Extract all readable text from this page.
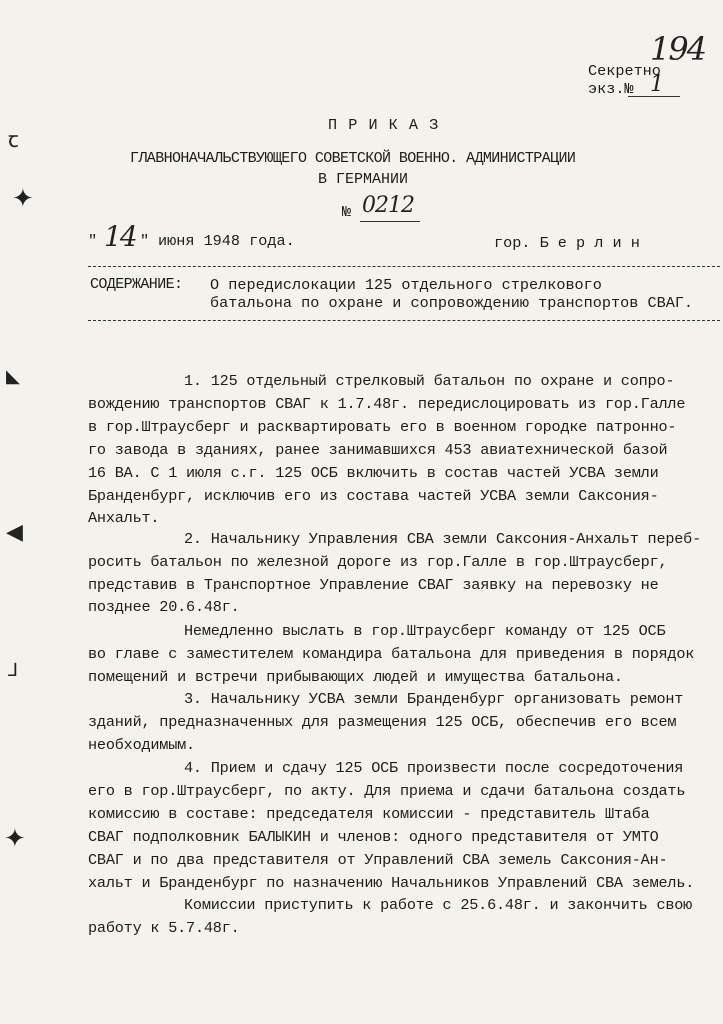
ꞇ
✦
◣
◀
⅃
✦
194
Секретно
экз.№ 1
П Р И К А З
ГЛАВНОНАЧАЛЬСТВУЮЩЕГО СОВЕТСКОЙ ВОЕННО. АДМИНИСТРАЦИИ
В ГЕРМАНИИ
№ 0212
" 14 " июня 1948 года.	гор. Б е р л и н
СОДЕРЖАНИЕ: О передислокации 125 отдельного стрелкового
батальона по охране и сопровождению транспортов СВАГ.
1. 125 отдельный стрелковый батальон по охране и сопро-
вождению транспортов СВАГ к 1.7.48г. передислоцировать из гор.Галле
в гор.Штраусберг и расквартировать его в военном городке патронно-
го завода в зданиях, ранее занимавшихся 453 авиатехнической базой
16 ВА. С 1 июля с.г. 125 ОСБ включить в состав частей УСВА земли
Бранденбург, исключив его из состава частей УСВА земли Саксония-
Анхальт.
2. Начальнику Управления СВА земли Саксония-Анхальт переб-
росить батальон по железной дороге из гор.Галле в гор.Штраусберг,
представив в Транспортное Управление СВАГ заявку на перевозку не
позднее 20.6.48г.
Немедленно выслать в гор.Штраусберг команду от 125 ОСБ
во главе с заместителем командира батальона для приведения в порядок
помещений и встречи прибывающих людей и имущества батальона.
3. Начальнику УСВА земли Бранденбург организовать ремонт
зданий, предназначенных для размещения 125 ОСБ, обеспечив его всем
необходимым.
4. Прием и сдачу 125 ОСБ произвести после сосредоточения
его в гор.Штраусберг, по акту. Для приема и сдачи батальона создать
комиссию в составе: председателя комиссии - представитель Штаба
СВАГ подполковник БАЛЫКИН и членов: одного представителя от УМТО
СВАГ и по два представителя от Управлений СВА земель Саксония-Ан-
хальт и Бранденбург по назначению Начальников Управлений СВА земель.
Комиссии приступить к работе с 25.6.48г. и закончить свою
работу к 5.7.48г.
